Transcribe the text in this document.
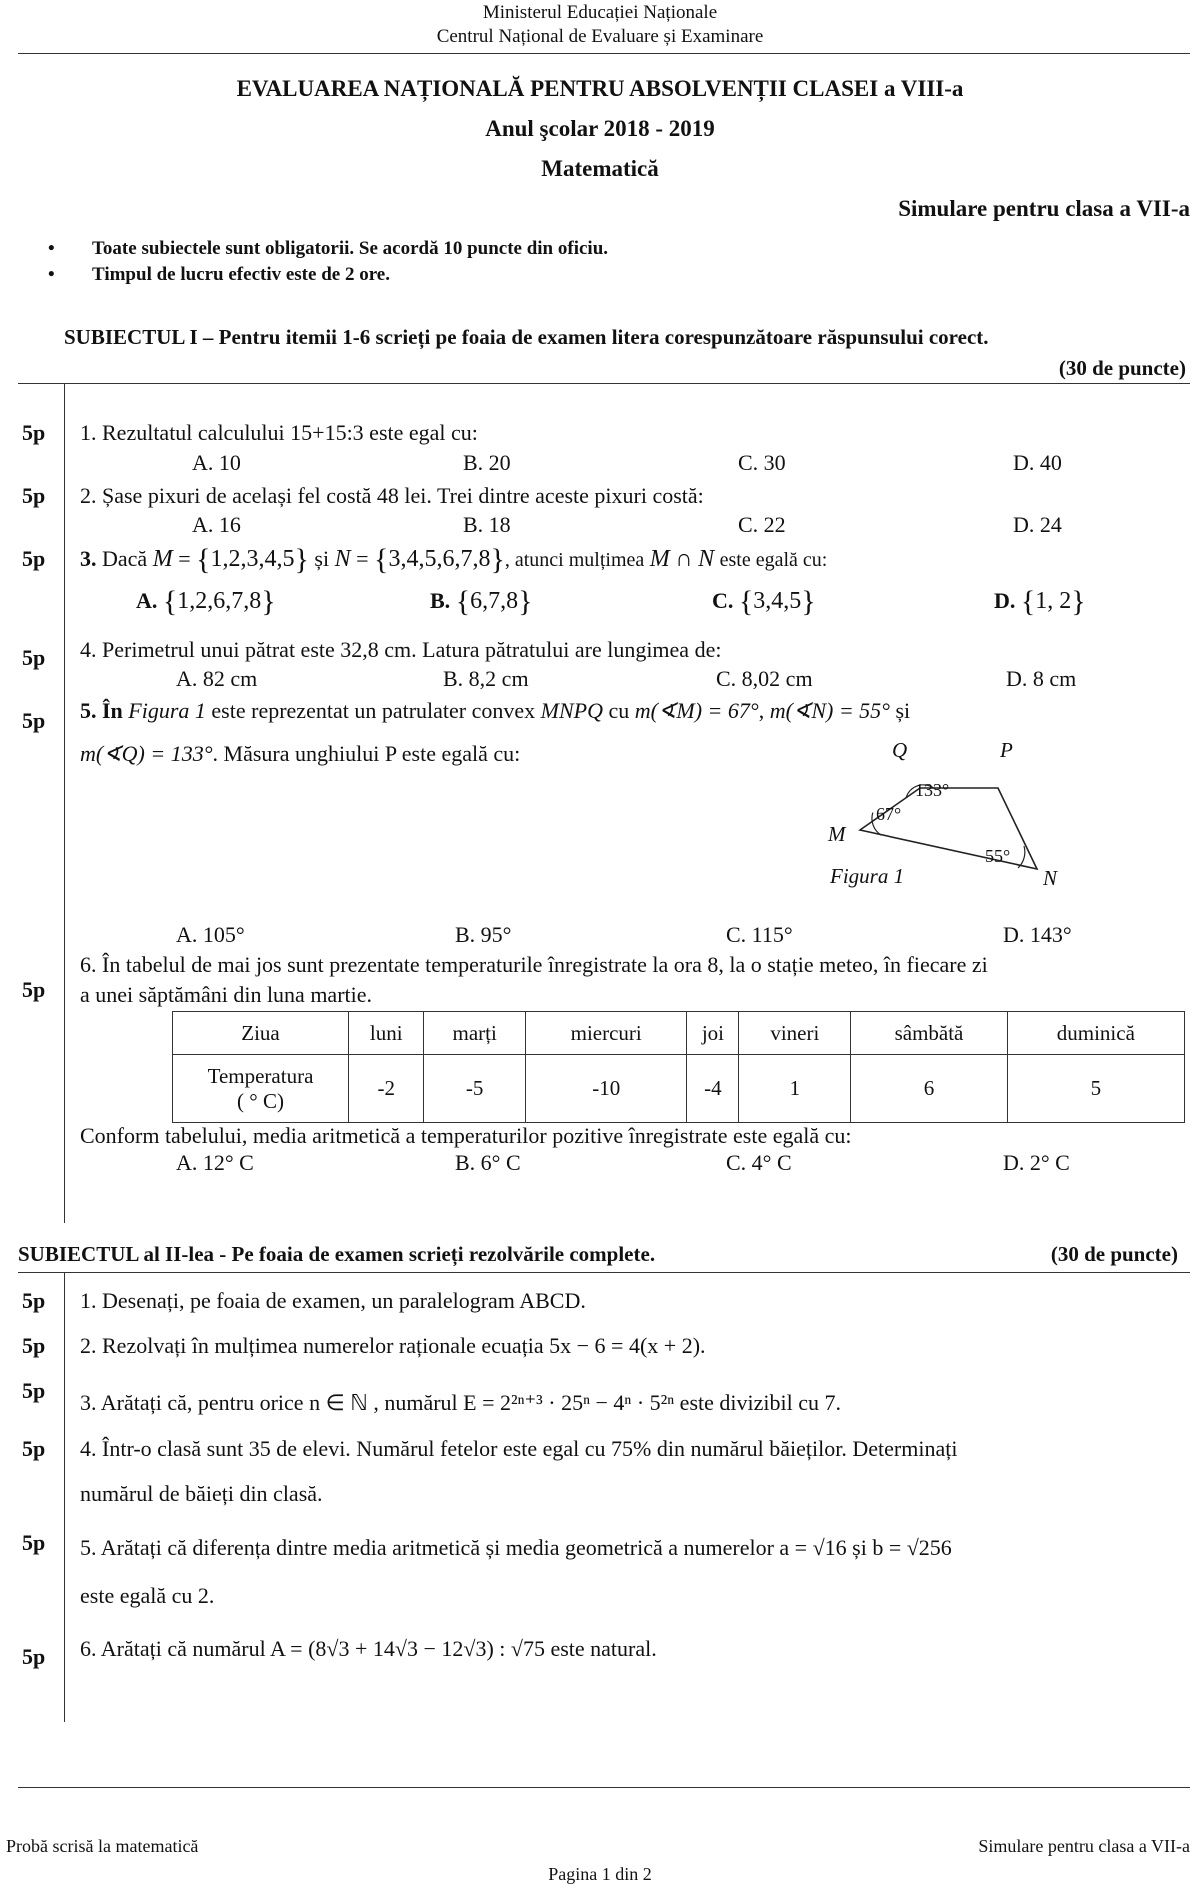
Ministerul Educației Naționale
Centrul Național de Evaluare și Examinare
EVALUAREA NAȚIONALĂ PENTRU ABSOLVENȚII CLASEI a VIII-a
Anul şcolar 2018 - 2019
Matematică
Simulare pentru clasa a VII-a
• Toate subiectele sunt obligatorii. Se acordă 10 puncte din oficiu.
• Timpul de lucru efectiv este de 2 ore.
SUBIECTUL I – Pentru itemii 1-6 scrieți pe foaia de examen litera corespunzătoare răspunsului corect.
(30 de puncte)
5p 1. Rezultatul calculului 15+15:3 este egal cu:
A. 10	B. 20	C. 30	D. 40
5p 2. Șase pixuri de același fel costă 48 lei. Trei dintre aceste pixuri costă:
A. 16	B. 18	C. 22	D. 24
5p 3. Dacă M = {1,2,3,4,5} și N = {3,4,5,6,7,8}, atunci mulțimea M ∩ N este egală cu:
A. {1,2,6,7,8}	B. {6,7,8}	C. {3,4,5}	D. {1, 2}
5p 4. Perimetrul unui pătrat este 32,8 cm. Latura pătratului are lungimea de:
A. 82 cm	B. 8,2 cm	C. 8,02 cm	D. 8 cm
5p 5. În Figura 1 este reprezentat un patrulater convex MNPQ cu m(∢M) = 67°, m(∢N) = 55° și
m(∢Q) = 133°. Măsura unghiului P este egală cu:	Q	P
M
N
133°
67°
55°
Figura 1
A. 105°	B. 95°	C. 115°	D. 143°
5p
6. În tabelul de mai jos sunt prezentate temperaturile înregistrate la ora 8, la o stație meteo, în fiecare zi
a unei săptămâni din luna martie.
Ziua	luni	marți	miercuri	joi	vineri	sâmbătă	duminică
Temperatura
( ° C)	-2	-5	-10	-4	1	6	5
Conform tabelului, media aritmetică a temperaturilor pozitive înregistrate este egală cu:
A. 12° C	B. 6° C	C. 4° C	D. 2° C
SUBIECTUL al II-lea - Pe foaia de examen scrieți rezolvările complete.	(30 de puncte)
5p 1. Desenați, pe foaia de examen, un paralelogram ABCD.
5p 2. Rezolvați în mulțimea numerelor raționale ecuația 5x − 6 = 4(x + 2).
5p 3. Arătați că, pentru orice n ∈ ℕ , numărul E = 2²ⁿ⁺³ · 25ⁿ − 4ⁿ · 5²ⁿ este divizibil cu 7.
5p 4. Într-o clasă sunt 35 de elevi. Numărul fetelor este egal cu 75% din numărul băieților. Determinați
numărul de băieți din clasă.
5p 5. Arătați că diferența dintre media aritmetică și media geometrică a numerelor a = √16 și b = √256
este egală cu 2.
5p 6. Arătați că numărul A = (8√3 + 14√3 − 12√3) : √75 este natural.
Probă scrisă la matematică	Simulare pentru clasa a VII-a
Pagina 1 din 2
